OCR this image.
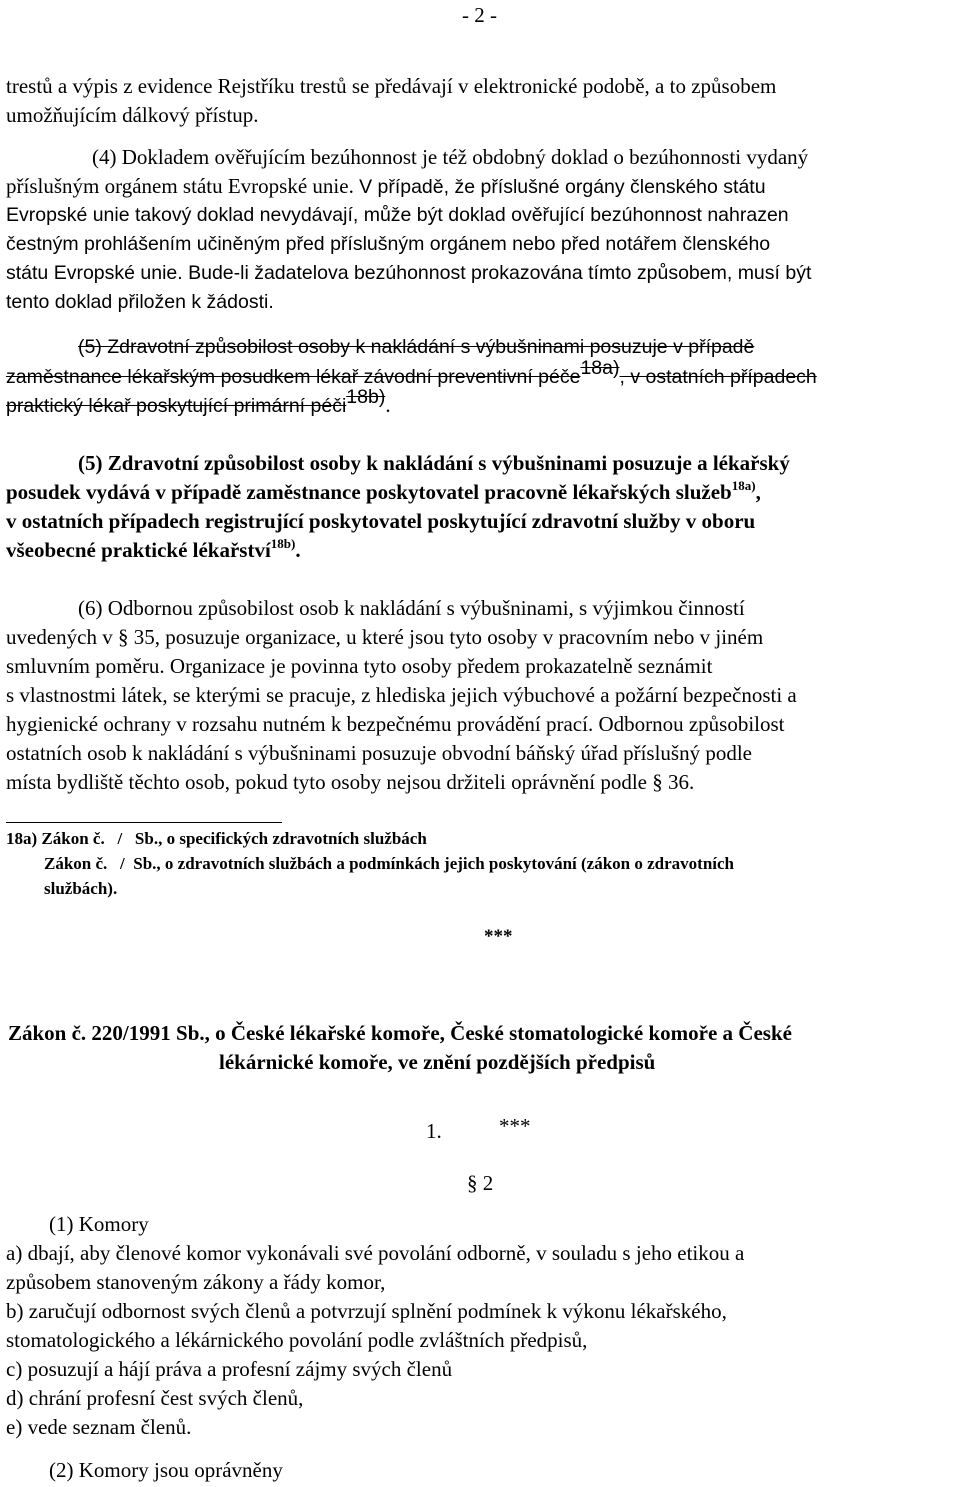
- 2 -
trestů a výpis z evidence Rejstříku trestů se předávají v elektronické podobě, a to způsobem
umožňujícím dálkový přístup.
(4) Dokladem ověřujícím bezúhonnost je též obdobný doklad o bezúhonnosti vydaný
příslušným orgánem státu Evropské unie. V případě, že příslušné orgány členského státu
Evropské unie takový doklad nevydávají, může být doklad ověřující bezúhonnost nahrazen
čestným prohlášením učiněným před příslušným orgánem nebo před notářem členského
státu Evropské unie. Bude-li žadatelova bezúhonnost prokazována tímto způsobem, musí být
tento doklad přiložen k žádosti.
(5) Zdravotní způsobilost osoby k nakládání s výbušninami posuzuje v případě
zaměstnance lékařským posudkem lékař závodní preventivní péče$^{18a)}$, v ostatních případech
praktický lékař poskytující primární péči$^{18b)}$.
(5) Zdravotní způsobilost osoby k nakládání s výbušninami posuzuje a lékařský
posudek vydává v případě zaměstnance poskytovatel pracovně lékařských služeb$^{18a)}$,
v ostatních případech registrující poskytovatel poskytující zdravotní služby v oboru
všeobecné praktické lékařství$^{18b)}$.
(6) Odbornou způsobilost osob k nakládání s výbušninami, s výjimkou činností
uvedených v § 35, posuzuje organizace, u které jsou tyto osoby v pracovním nebo v jiném
smluvním poměru. Organizace je povinna tyto osoby předem prokazatelně seznámit
s vlastnostmi látek, se kterými se pracuje, z hlediska jejich výbuchové a požární bezpečnosti a
hygienické ochrany v rozsahu nutném k bezpečnému provádění prací. Odbornou způsobilost
ostatních osob k nakládání s výbušninami posuzuje obvodní báňský úřad příslušný podle
místa bydliště těchto osob, pokud tyto osoby nejsou držiteli oprávnění podle § 36.
18a) Zákon č.   /   Sb., o specifických zdravotních službách
Zákon č.   /  Sb., o zdravotních službách a podmínkách jejich poskytování (zákon o zdravotních
službách).
***
Zákon č. 220/1991 Sb., o České lékařské komoře, České stomatologické komoře a České
lékárnické komoře, ve znění pozdějších předpisů
1.	***
§ 2
(1) Komory
a) dbají, aby členové komor vykonávali své povolání odborně, v souladu s jeho etikou a
způsobem stanoveným zákony a řády komor,
b) zaručují odbornost svých členů a potvrzují splnění podmínek k výkonu lékařského,
stomatologického a lékárnického povolání podle zvláštních předpisů,
c) posuzují a hájí práva a profesní zájmy svých členů
d) chrání profesní čest svých členů,
e) vede seznam členů.
(2) Komory jsou oprávněny
